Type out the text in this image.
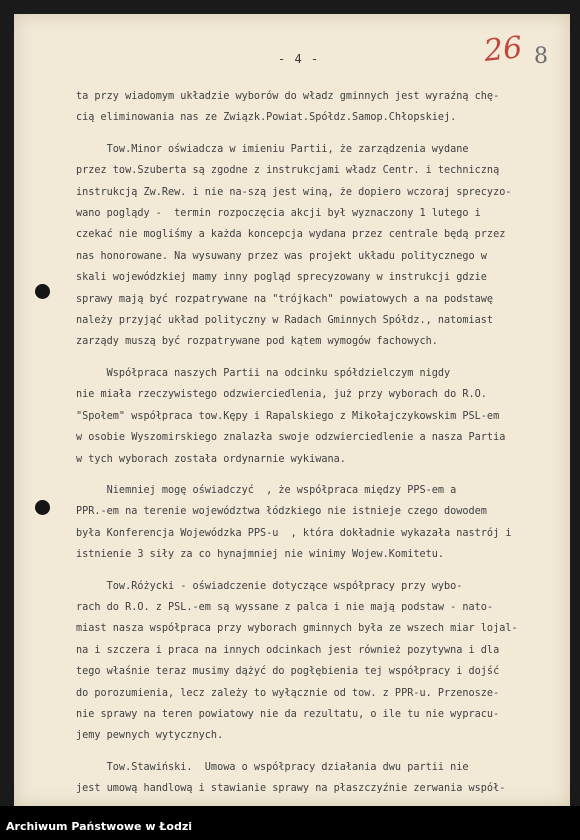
- 4 -	26 8
ta przy wiadomym układzie wyborów do władz gminnych jest wyraźną chę-
cią eliminowania nas ze Związk.Powiat.Spółdz.Samop.Chłopskiej.
Tow.Minor oświadcza w imieniu Partii, że zarządzenia wydane
przez tow.Szuberta są zgodne z instrukcjami władz Centr. i techniczną
instrukcją Zw.Rew. i nie na-szą jest winą, że dopiero wczoraj sprecyzo-
wano poglądy -  termin rozpoczęcia akcji był wyznaczony 1 lutego i
czekać nie mogliśmy a każda koncepcja wydana przez centrale będą przez
nas honorowane. Na wysuwany przez was projekt układu politycznego w
skali wojewódzkiej mamy inny pogląd sprecyzowany w instrukcji gdzie
sprawy mają być rozpatrywane na "trójkach" powiatowych a na podstawę
należy przyjąć układ polityczny w Radach Gminnych Spółdz., natomiast
zarządy muszą być rozpatrywane pod kątem wymogów fachowych.
Współpraca naszych Partii na odcinku spółdzielczym nigdy
nie miała rzeczywistego odzwierciedlenia, już przy wyborach do R.O.
"Społem" współpraca tow.Kępy i Rapalskiego z Mikołajczykowskim PSL-em
w osobie Wyszomirskiego znalazła swoje odzwierciedlenie a nasza Partia
w tych wyborach została ordynarnie wykiwana.
Niemniej mogę oświadczyć  , że współpraca między PPS-em a
PPR.-em na terenie województwa łódzkiego nie istnieje czego dowodem
była Konferencja Wojewódzka PPS-u  , która dokładnie wykazała nastrój i
istnienie 3 siły za co hynajmniej nie winimy Wojew.Komitetu.
Tow.Różycki - oświadczenie dotyczące współpracy przy wybo-
rach do R.O. z PSL.-em są wyssane z palca i nie mają podstaw - nato-
miast nasza współpraca przy wyborach gminnych była ze wszech miar lojal-
na i szczera i praca na innych odcinkach jest również pozytywna i dla
tego właśnie teraz musimy dążyć do pogłębienia tej współpracy i dojść
do porozumienia, lecz zależy to wyłącznie od tow. z PPR-u. Przenosze-
nie sprawy na teren powiatowy nie da rezultatu, o ile tu nie wypracu-
jemy pewnych wytycznych.
Tow.Stawiński.  Umowa o współpracy działania dwu partii nie
jest umową handlową i stawianie sprawy na płaszczyźnie zerwania współ-
Archiwum Państwowe w Łodzi
